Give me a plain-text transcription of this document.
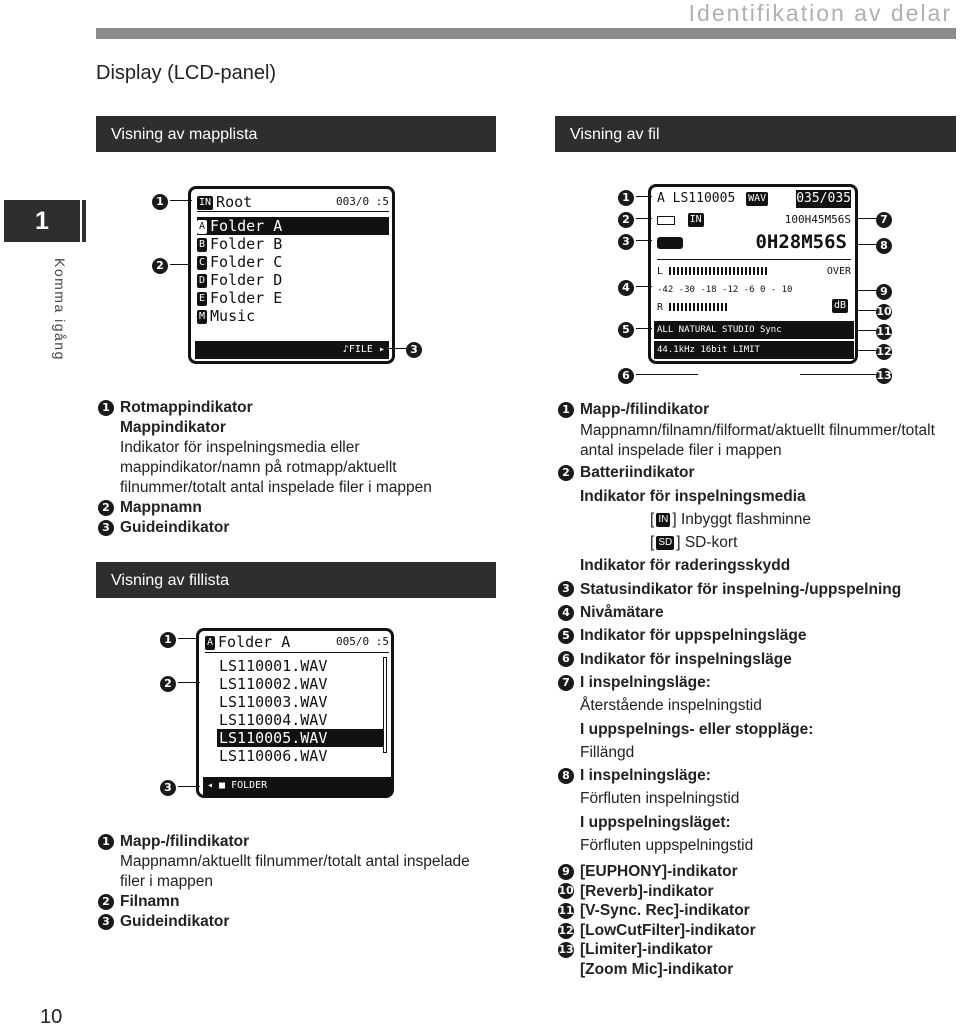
Identifikation av delar
Display (LCD-panel)
1
Komma igång
10
Visning av mapplista	Visning av fil
Visning av fillista
IN Root	003/0 :5
A Folder A
B Folder B
C Folder C
D Folder D
E Folder E
M Music
♪FILE ▸
1
2
3
1 Rotmappindikator
Mappindikator
Indikator för inspelningsmedia eller mappindikator/namn på rotmapp/aktuellt filnummer/totalt antal inspelade filer i mappen
2 Mappnamn
3 Guideindikator
A Folder A	005/0 :5
LS110001.WAV
LS110002.WAV
LS110003.WAV
LS110004.WAV
LS110005.WAV
LS110006.WAV
◂ ■ FOLDER
1
2
3
1 Mapp-/filindikator
Mappnamn/aktuellt filnummer/totalt antal inspelade filer i mappen
2 Filnamn
3 Guideindikator
A LS110005 WAV 035/035
IN	100H45M56S
0H28M56S
L	OVER
-42 -30 -18 -12 -6 0 - 10
R	dB
ALL NATURAL STUDIO Sync
44.1kHz 16bit LIMIT
1
2
3
4
5
6
7
8
9
10
11
12
13
1 Mapp-/filindikator
Mappnamn/filnamn/filformat/aktuellt filnummer/totalt antal inspelade filer i mappen
2 Batteriindikator
Indikator för inspelningsmedia
[ IN ] Inbyggt flashminne
[ SD ] SD-kort
Indikator för raderingsskydd
3 Statusindikator för inspelning-/uppspelning
4 Nivåmätare
5 Indikator för uppspelningsläge
6 Indikator för inspelningsläge
7 I inspelningsläge:
Återstående inspelningstid
I uppspelnings- eller stoppläge:
Fillängd
8 I inspelningsläge:
Förfluten inspelningstid
I uppspelningsläget:
Förfluten uppspelningstid
9 [EUPHONY]-indikator
10 [Reverb]-indikator
11 [V-Sync. Rec]-indikator
12 [LowCutFilter]-indikator
13 [Limiter]-indikator
[Zoom Mic]-indikator
